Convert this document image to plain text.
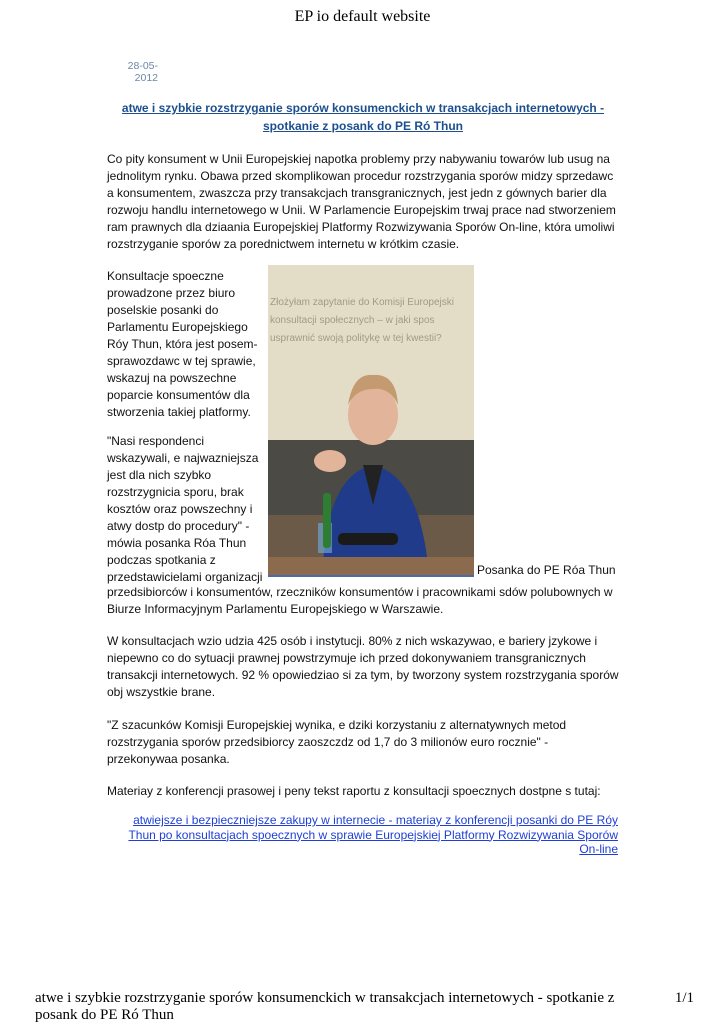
EP io default website
28-05-2012
atwe i szybkie rozstrzyganie sporów konsumenckich w transakcjach internetowych - spotkanie z posank do PE Ró Thun

Co pity konsument w Unii Europejskiej napotka problemy przy nabywaniu towarów lub usug na jednolitym rynku. Obawa przed skomplikowan procedur rozstrzygania sporów midzy sprzedawc a konsumentem, zwaszcza przy transakcjach transgranicznych, jest jedn z gównych barier dla rozwoju handlu internetowego w Unii. W Parlamencie Europejskim trwaj prace nad stworzeniem ram prawnych dla dziaania Europejskiej Platformy Rozwizywania Sporów On-line, która umoliwi rozstrzyganie sporów za porednictwem internetu w krótkim czasie.

Konsultacje spoeczne prowadzone przez biuro poselskie posanki do Parlamentu Europejskiego Róy Thun, która jest posem-sprawozdawc w tej sprawie, wskazuj na powszechne poparcie konsumentów dla stworzenia takiej platformy.

"Nasi respondenci wskazywali, e najwazniejsza jest dla nich szybko rozstrzygnicia sporu, brak kosztów oraz powszechny i atwy dostp do procedury" - mówia posanka Róa Thun podczas spotkania z przedstawicielami organizacji

Złożyłam zapytanie do Komisji Europejski
konsultacji społecznych – w jaki spos
usprawnić swoją politykę w tej kwestii?
Posanka do PE Róa Thun

przedsibiorców i konsumentów, rzeczników konsumentów i pracownikami sdów polubownych w Biurze Informacyjnym Parlamentu Europejskiego w Warszawie.

W konsultacjach wzio udzia 425 osób i instytucji. 80% z nich wskazywao, e bariery jzykowe i niepewno co do sytuacji prawnej powstrzymuje ich przed dokonywaniem transgranicznych transakcji internetowych. 92 % opowiedziao si za tym, by tworzony system rozstrzygania sporów obj wszystkie brane.

"Z szacunków Komisji Europejskiej wynika, e dziki korzystaniu z alternatywnych metod rozstrzygania sporów przedsibiorcy zaoszczdz od 1,7 do 3 milionów euro rocznie" - przekonywaa posanka.

Materiay z konferencji prasowej i peny tekst raportu z konsultacji spoecznych dostpne s tutaj:

atwiejsze i bezpieczniejsze zakupy w internecie - materiay z konferencji posanki do PE Róy Thun po konsultacjach spoecznych w sprawie Europejskiej Platformy Rozwizywania Sporów On-line
atwe i szybkie rozstrzyganie sporów konsumenckich w transakcjach internetowych - spotkanie z posank do PE Ró Thun
1/1
